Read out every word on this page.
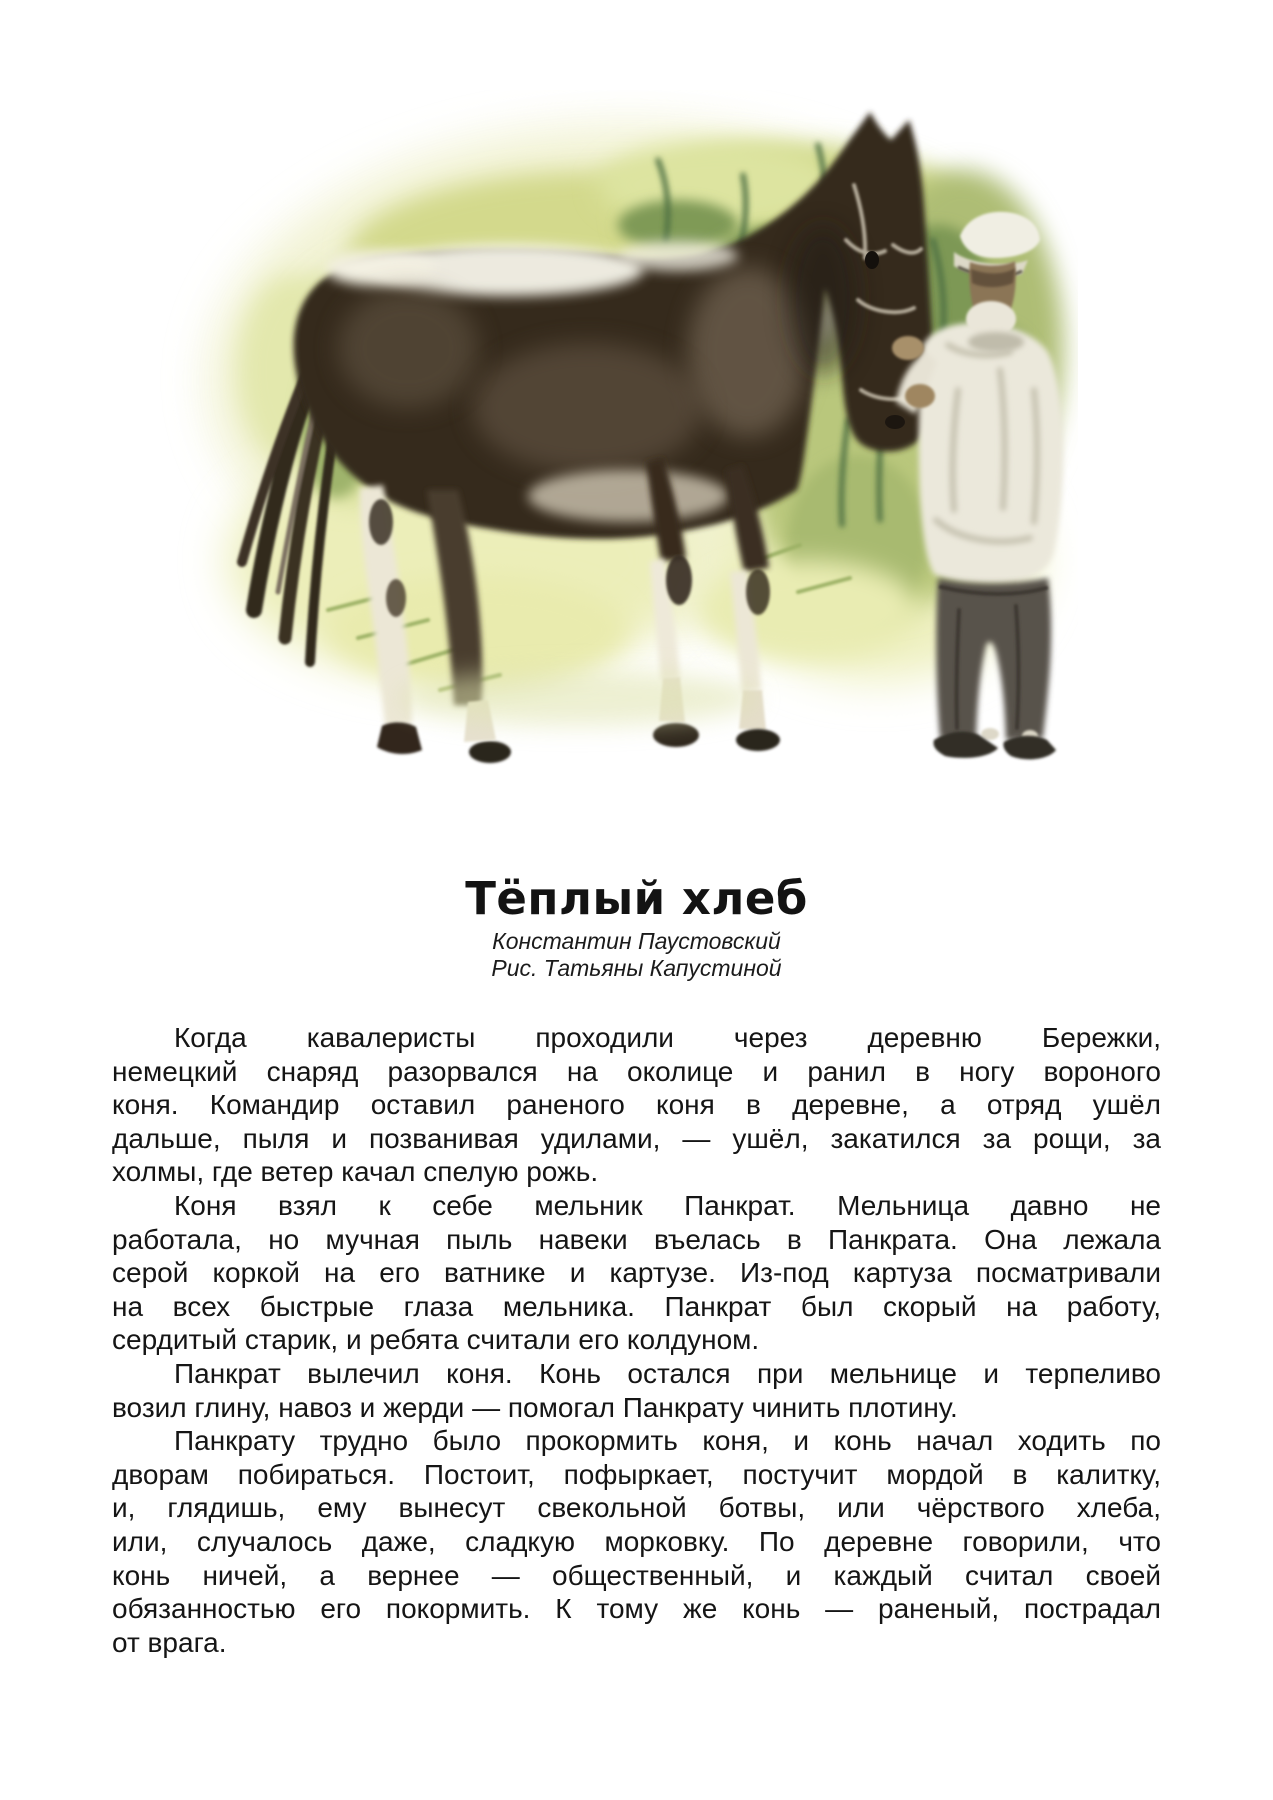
Тёплый хлеб
Константин Паустовский
Рис. Татьяны Капустиной

Когда кавалеристы проходили через деревню Бережки,
немецкий снаряд разорвался на околице и ранил в ногу вороного
коня. Командир оставил раненого коня в деревне, а отряд ушёл
дальше, пыля и позванивая удилами, — ушёл, закатился за рощи, за
холмы, где ветер качал спелую рожь.

Коня взял к себе мельник Панкрат. Мельница давно не
работала, но мучная пыль навеки въелась в Панкрата. Она лежала
серой коркой на его ватнике и картузе. Из-под картуза посматривали
на всех быстрые глаза мельника. Панкрат был скорый на работу,
сердитый старик, и ребята считали его колдуном.

Панкрат вылечил коня. Конь остался при мельнице и терпеливо
возил глину, навоз и жерди — помогал Панкрату чинить плотину.

Панкрату трудно было прокормить коня, и конь начал ходить по
дворам побираться. Постоит, пофыркает, постучит мордой в калитку,
и, глядишь, ему вынесут свекольной ботвы, или чёрствого хлеба,
или, случалось даже, сладкую морковку. По деревне говорили, что
конь ничей, а вернее — общественный, и каждый считал своей
обязанностью его покормить. К тому же конь — раненый, пострадал
от врага.
